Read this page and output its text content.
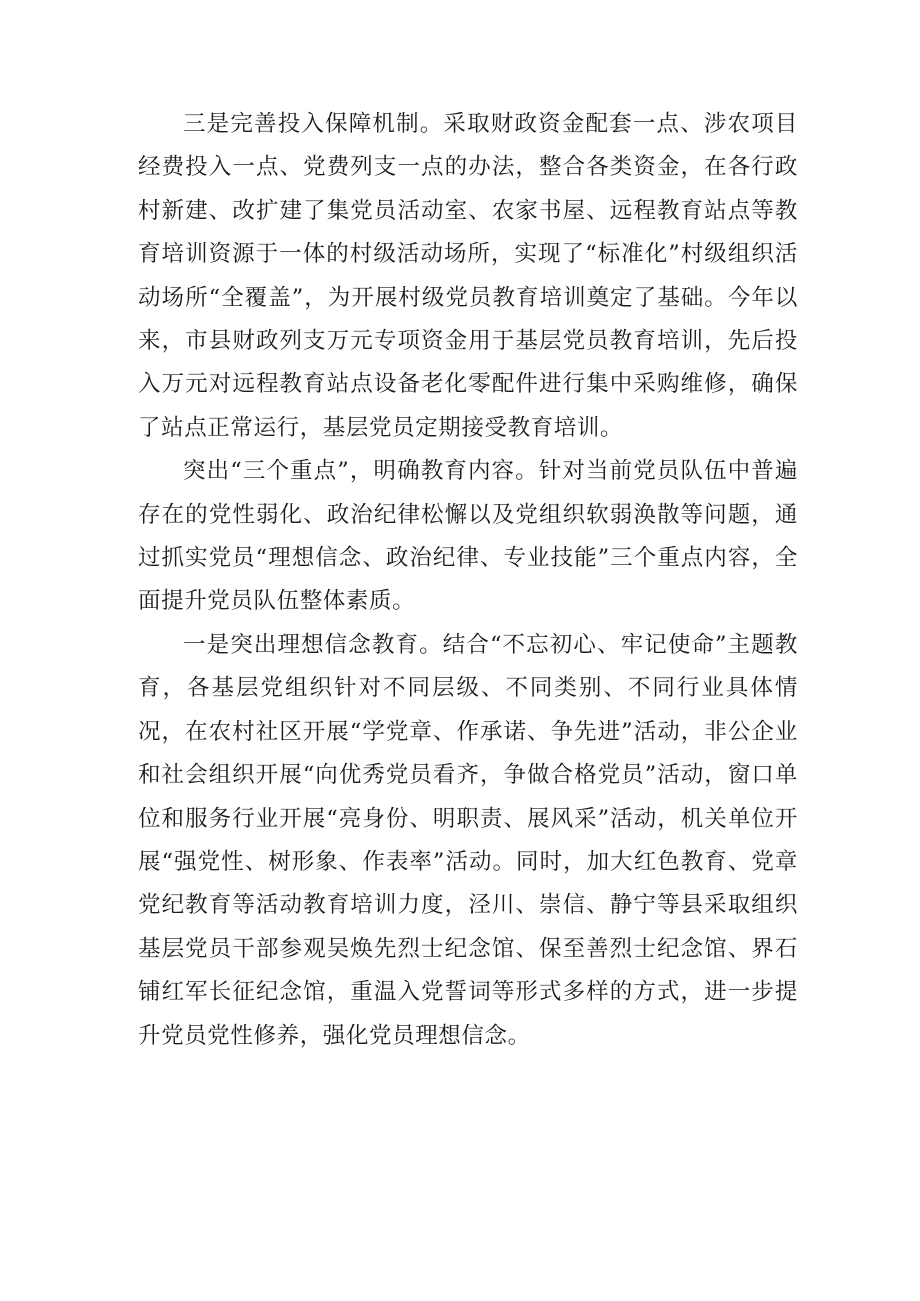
三是完善投入保障机制。采取财政资金配套一点、涉农项目经费投入一点、党费列支一点的办法，整合各类资金，在各行政村新建、改扩建了集党员活动室、农家书屋、远程教育站点等教育培训资源于一体的村级活动场所，实现了“标准化”村级组织活动场所“全覆盖”，为开展村级党员教育培训奠定了基础。今年以来，市县财政列支万元专项资金用于基层党员教育培训，先后投入万元对远程教育站点设备老化零配件进行集中采购维修，确保了站点正常运行，基层党员定期接受教育培训。

突出“三个重点”，明确教育内容。针对当前党员队伍中普遍存在的党性弱化、政治纪律松懈以及党组织软弱涣散等问题，通过抓实党员“理想信念、政治纪律、专业技能”三个重点内容，全面提升党员队伍整体素质。

一是突出理想信念教育。结合“不忘初心、牢记使命”主题教育，各基层党组织针对不同层级、不同类别、不同行业具体情况，在农村社区开展“学党章、作承诺、争先进”活动，非公企业和社会组织开展“向优秀党员看齐，争做合格党员”活动，窗口单位和服务行业开展“亮身份、明职责、展风采”活动，机关单位开展“强党性、树形象、作表率”活动。同时，加大红色教育、党章党纪教育等活动教育培训力度，泾川、崇信、静宁等县采取组织基层党员干部参观吴焕先烈士纪念馆、保至善烈士纪念馆、界石铺红军长征纪念馆，重温入党誓词等形式多样的方式，进一步提升党员党性修养，强化党员理想信念。
